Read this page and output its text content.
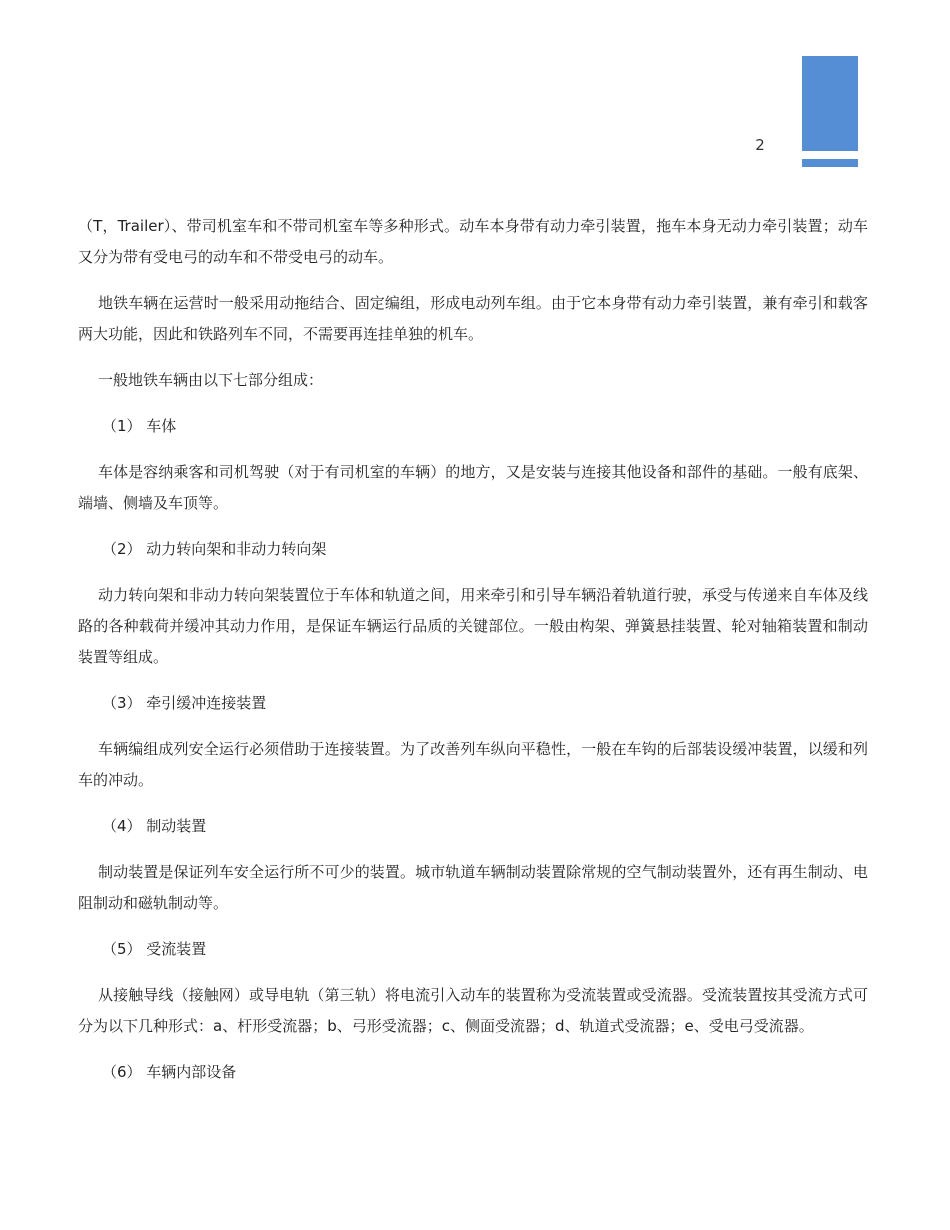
2

（T，Trailer）、带司机室车和不带司机室车等多种形式。动车本身带有动力牵引装置，拖车本身无动力牵引装置；动车又分为带有受电弓的动车和不带受电弓的动车。

地铁车辆在运营时一般采用动拖结合、固定编组，形成电动列车组。由于它本身带有动力牵引装置，兼有牵引和载客两大功能，因此和铁路列车不同，不需要再连挂单独的机车。

一般地铁车辆由以下七部分组成：

（1） 车体

车体是容纳乘客和司机驾驶（对于有司机室的车辆）的地方，又是安装与连接其他设备和部件的基础。一般有底架、端墙、侧墙及车顶等。

（2） 动力转向架和非动力转向架

动力转向架和非动力转向架装置位于车体和轨道之间，用来牵引和引导车辆沿着轨道行驶，承受与传递来自车体及线路的各种载荷并缓冲其动力作用，是保证车辆运行品质的关键部位。一般由构架、弹簧悬挂装置、轮对轴箱装置和制动装置等组成。

（3） 牵引缓冲连接装置

车辆编组成列安全运行必须借助于连接装置。为了改善列车纵向平稳性，一般在车钩的后部装设缓冲装置，以缓和列车的冲动。

（4） 制动装置

制动装置是保证列车安全运行所不可少的装置。城市轨道车辆制动装置除常规的空气制动装置外，还有再生制动、电阻制动和磁轨制动等。

（5） 受流装置

从接触导线（接触网）或导电轨（第三轨）将电流引入动车的装置称为受流装置或受流器。受流装置按其受流方式可分为以下几种形式：a、杆形受流器；b、弓形受流器；c、侧面受流器；d、轨道式受流器；e、受电弓受流器。

（6） 车辆内部设备
